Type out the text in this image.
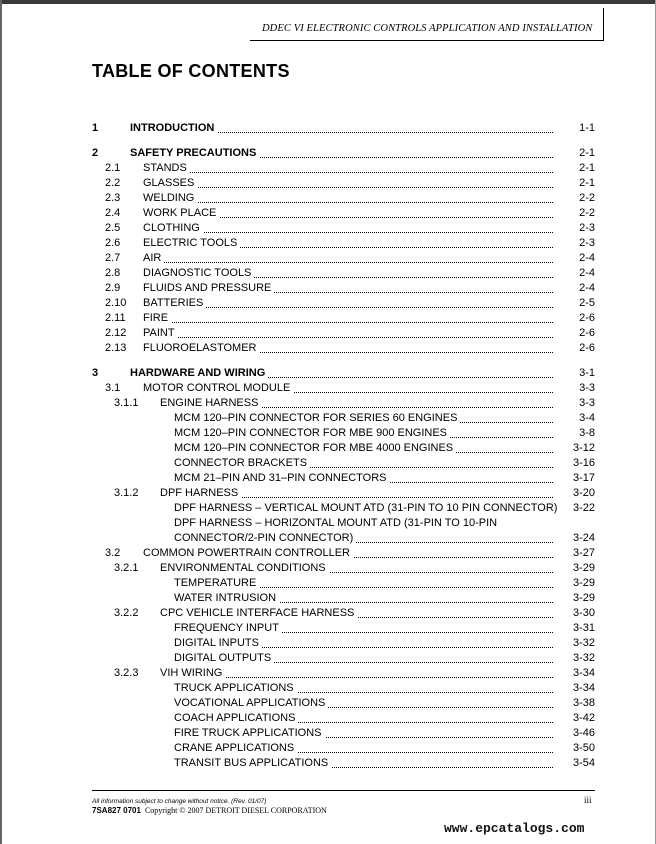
DDEC VI ELECTRONIC CONTROLS APPLICATION AND INSTALLATION
TABLE OF CONTENTS
1	INTRODUCTION	1-1
2	SAFETY PRECAUTIONS	2-1
2.1 STANDS	2-1
2.2 GLASSES	2-1
2.3 WELDING	2-2
2.4 WORK PLACE	2-2
2.5 CLOTHING	2-3
2.6 ELECTRIC TOOLS	2-3
2.7 AIR	2-4
2.8 DIAGNOSTIC TOOLS	2-4
2.9 FLUIDS AND PRESSURE	2-4
2.10 BATTERIES	2-5
2.11 FIRE	2-6
2.12 PAINT	2-6
2.13 FLUOROELASTOMER	2-6
3	HARDWARE AND WIRING	3-1
3.1 MOTOR CONTROL MODULE	3-3
3.1.1 ENGINE HARNESS	3-3
MCM 120–PIN CONNECTOR FOR SERIES 60 ENGINES	3-4
MCM 120–PIN CONNECTOR FOR MBE 900 ENGINES	3-8
MCM 120–PIN CONNECTOR FOR MBE 4000 ENGINES	3-12
CONNECTOR BRACKETS	3-16
MCM 21–PIN AND 31–PIN CONNECTORS	3-17
3.1.2 DPF HARNESS	3-20
DPF HARNESS – VERTICAL MOUNT ATD (31-PIN TO 10 PIN CONNECTOR) 3-22
DPF HARNESS – HORIZONTAL MOUNT ATD (31-PIN TO 10-PIN
CONNECTOR/2-PIN CONNECTOR)	3-24
3.2 COMMON POWERTRAIN CONTROLLER	3-27
3.2.1 ENVIRONMENTAL CONDITIONS	3-29
TEMPERATURE	3-29
WATER INTRUSION	3-29
3.2.2 CPC VEHICLE INTERFACE HARNESS	3-30
FREQUENCY INPUT	3-31
DIGITAL INPUTS	3-32
DIGITAL OUTPUTS	3-32
3.2.3 VIH WIRING	3-34
TRUCK APPLICATIONS	3-34
VOCATIONAL APPLICATIONS	3-38
COACH APPLICATIONS	3-42
FIRE TRUCK APPLICATIONS	3-46
CRANE APPLICATIONS	3-50
TRANSIT BUS APPLICATIONS	3-54
All information subject to change without notice. (Rev. 01/07)
7SA827 0701 Copyright © 2007 DETROIT DIESEL CORPORATION
iii
www.epcatalogs.com
